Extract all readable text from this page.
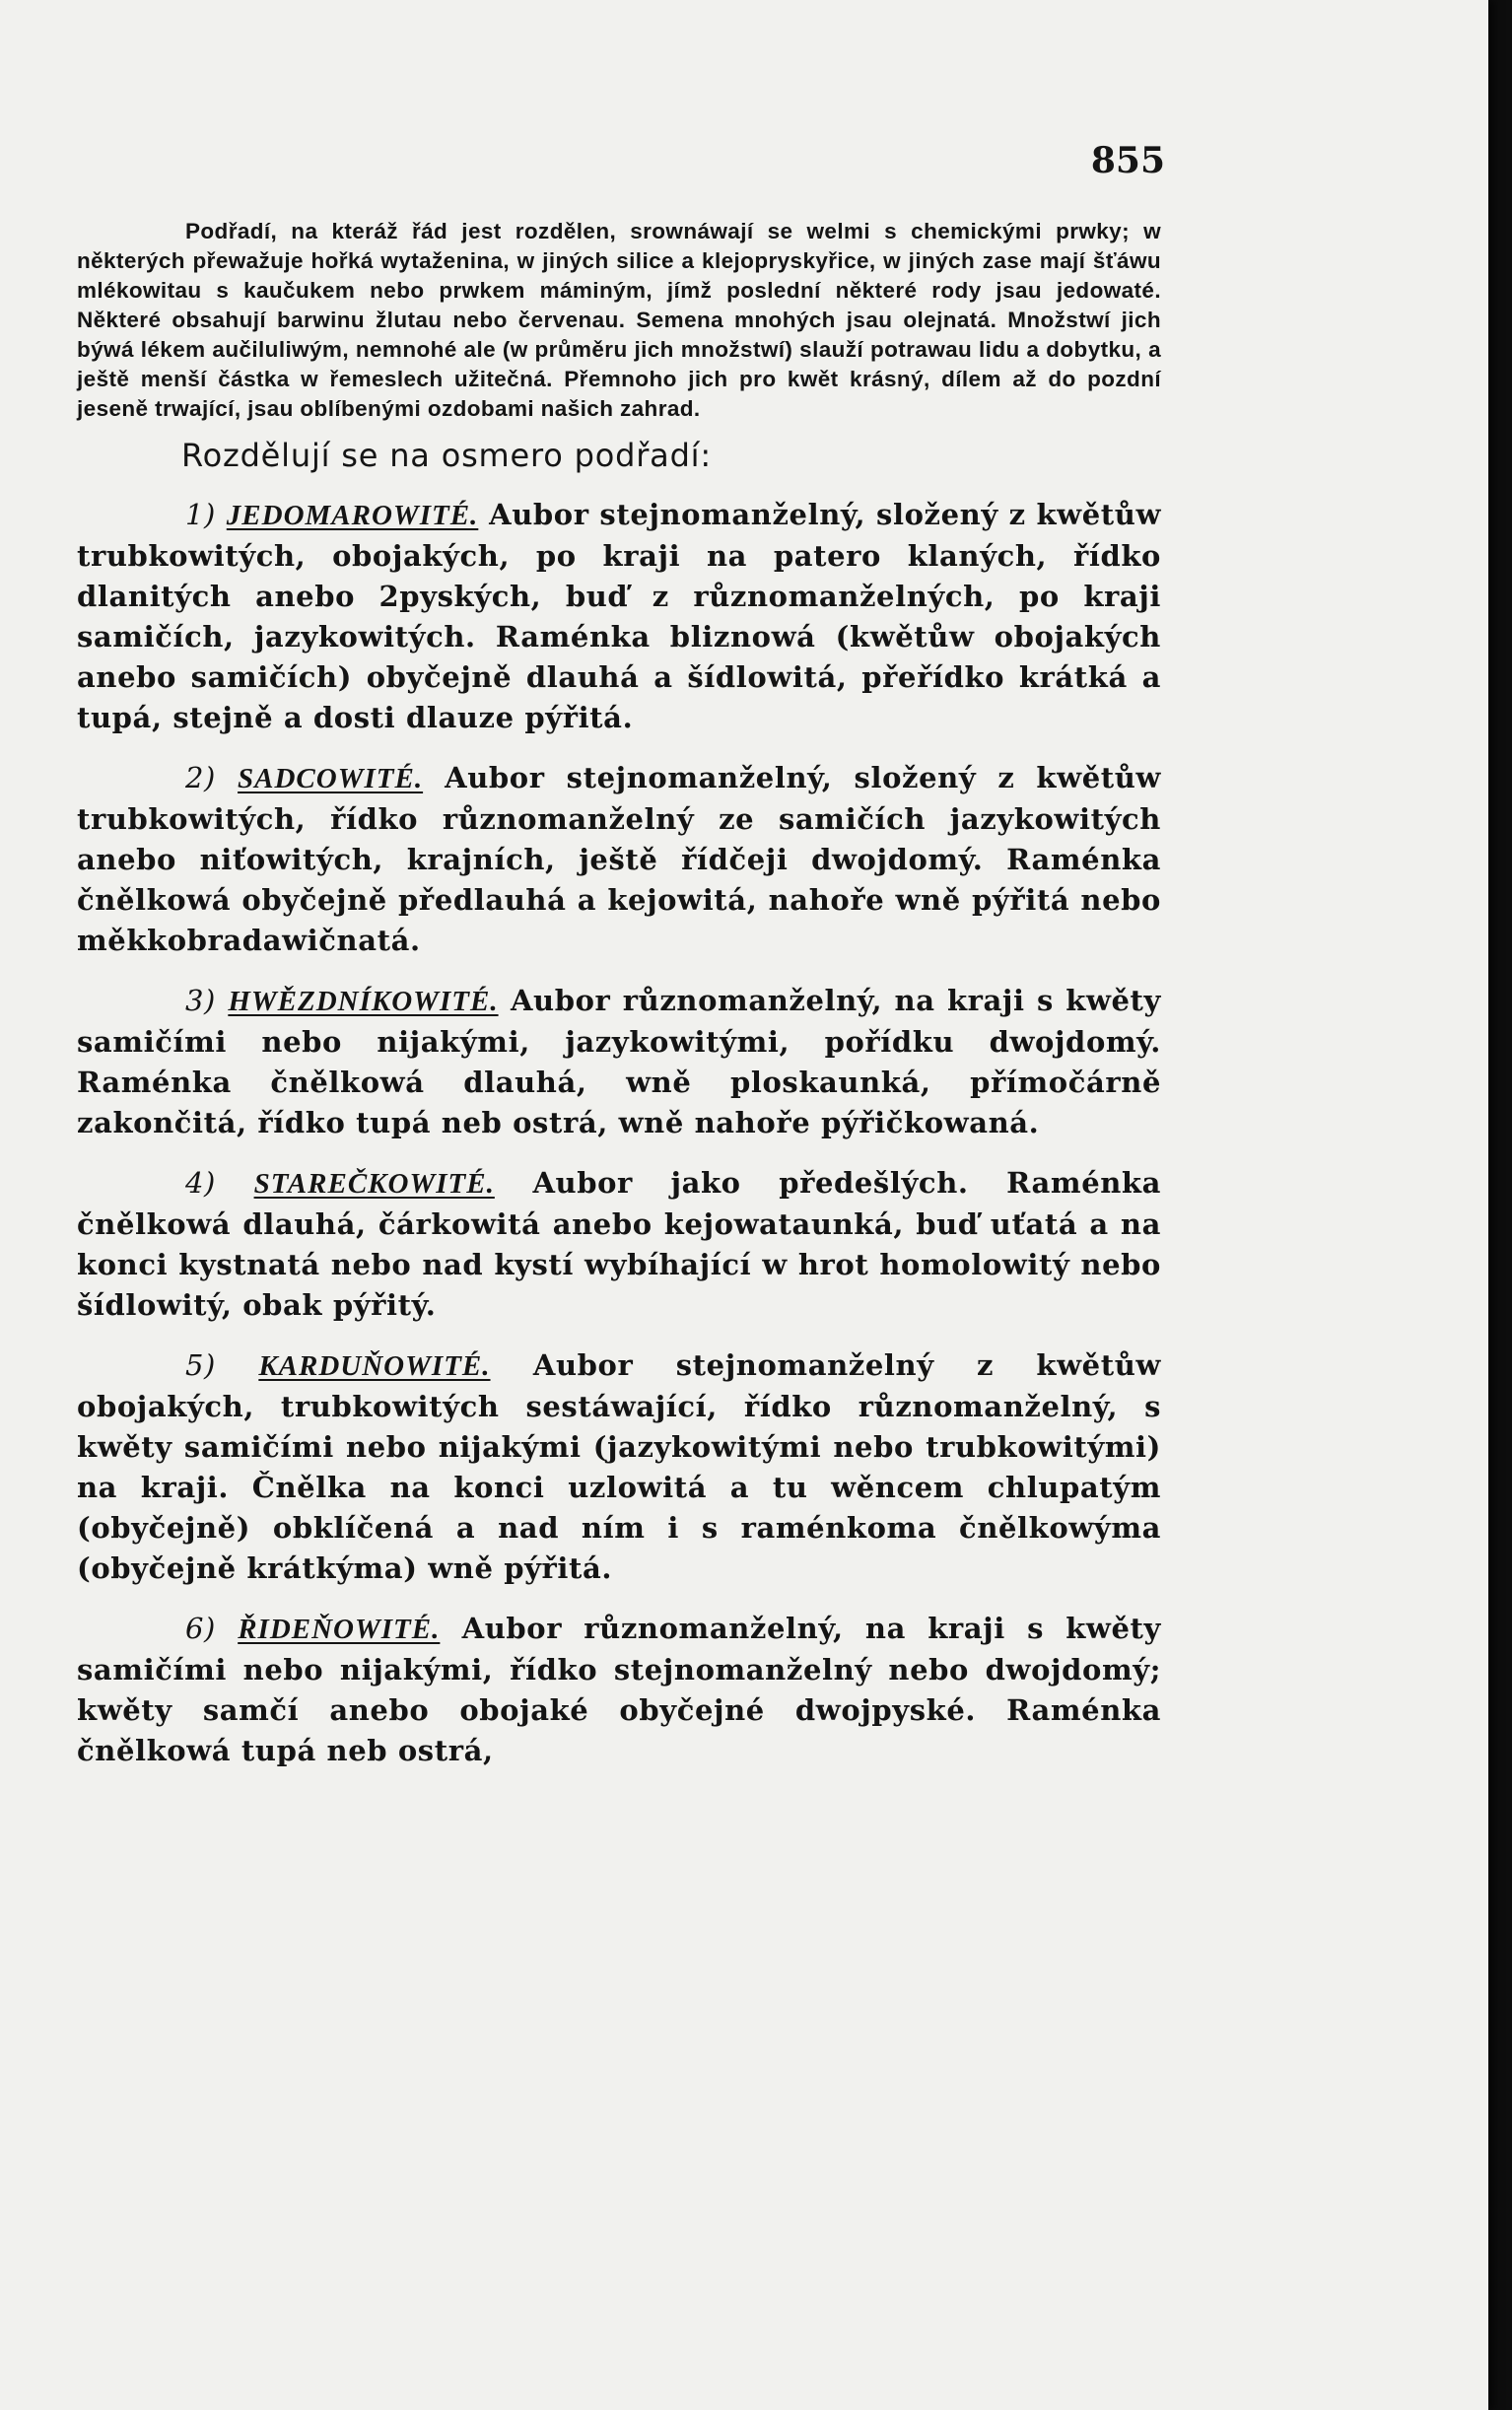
855

Podřadí, na kteráž řád jest rozdělen, srownáwají se welmi s chemickými prwky; w některých přewažuje hořká wytaženina, w jiných silice a klejopryskyřice, w jiných zase mají šťáwu mlékowitau s kaučukem nebo prwkem máminým, jímž poslední některé rody jsau jedowaté. Některé obsahují barwinu žlutau nebo červenau. Semena mnohých jsau olejnatá. Množstwí jich býwá lékem aučiluliwým, nemnohé ale (w průměru jich množstwí) slauží potrawau lidu a dobytku, a ještě menší částka w řemeslech užitečná. Přemnoho jich pro kwět krásný, dílem až do pozdní jeseně trwající, jsau oblíbenými ozdobami našich zahrad.

Rozdělují se na osmero podřadí:

1) JEDOMAROWITÉ. Aubor stejnomanželný, složený z kwětůw trubkowitých, obojakých, po kraji na patero klaných, řídko dlanitých anebo 2pyských, buď z různomanželných, po kraji samičích, jazykowitých. Raménka bliznowá (kwětůw obojakých anebo samičích) obyčejně dlauhá a šídlowitá, přeřídko krátká a tupá, stejně a dosti dlauze pýřitá.

2) SADCOWITÉ. Aubor stejnomanželný, složený z kwětůw trubkowitých, řídko různomanželný ze samičích jazykowitých anebo niťowitých, krajních, ještě řídčeji dwojdomý. Raménka čnělkowá obyčejně předlauhá a kejowitá, nahoře wně pýřitá nebo měkkobradawičnatá.

3) HWĚZDNÍKOWITÉ. Aubor různomanželný, na kraji s kwěty samičími nebo nijakými, jazykowitými, pořídku dwojdomý. Raménka čnělkowá dlauhá, wně ploskaunká, přímočárně zakončitá, řídko tupá neb ostrá, wně nahoře pýřičkowaná.

4) STAREČKOWITÉ. Aubor jako předešlých. Raménka čnělkowá dlauhá, čárkowitá anebo kejowataunká, buď uťatá a na konci kystnatá nebo nad kystí wybíhající w hrot homolowitý nebo šídlowitý, obak pýřitý.

5) KARDUŇOWITÉ. Aubor stejnomanželný z kwětůw obojakých, trubkowitých sestáwající, řídko různomanželný, s kwěty samičími nebo nijakými (jazykowitými nebo trubkowitými) na kraji. Čnělka na konci uzlowitá a tu wěncem chlupatým (obyčejně) obklíčená a nad ním i s raménkoma čnělkowýma (obyčejně krátkýma) wně pýřitá.

6) ŘIDEŇOWITÉ. Aubor různomanželný, na kraji s kwěty samičími nebo nijakými, řídko stejnomanželný nebo dwojdomý; kwěty samčí anebo obojaké obyčejné dwojpyské. Raménka čnělkowá tupá neb ostrá,
